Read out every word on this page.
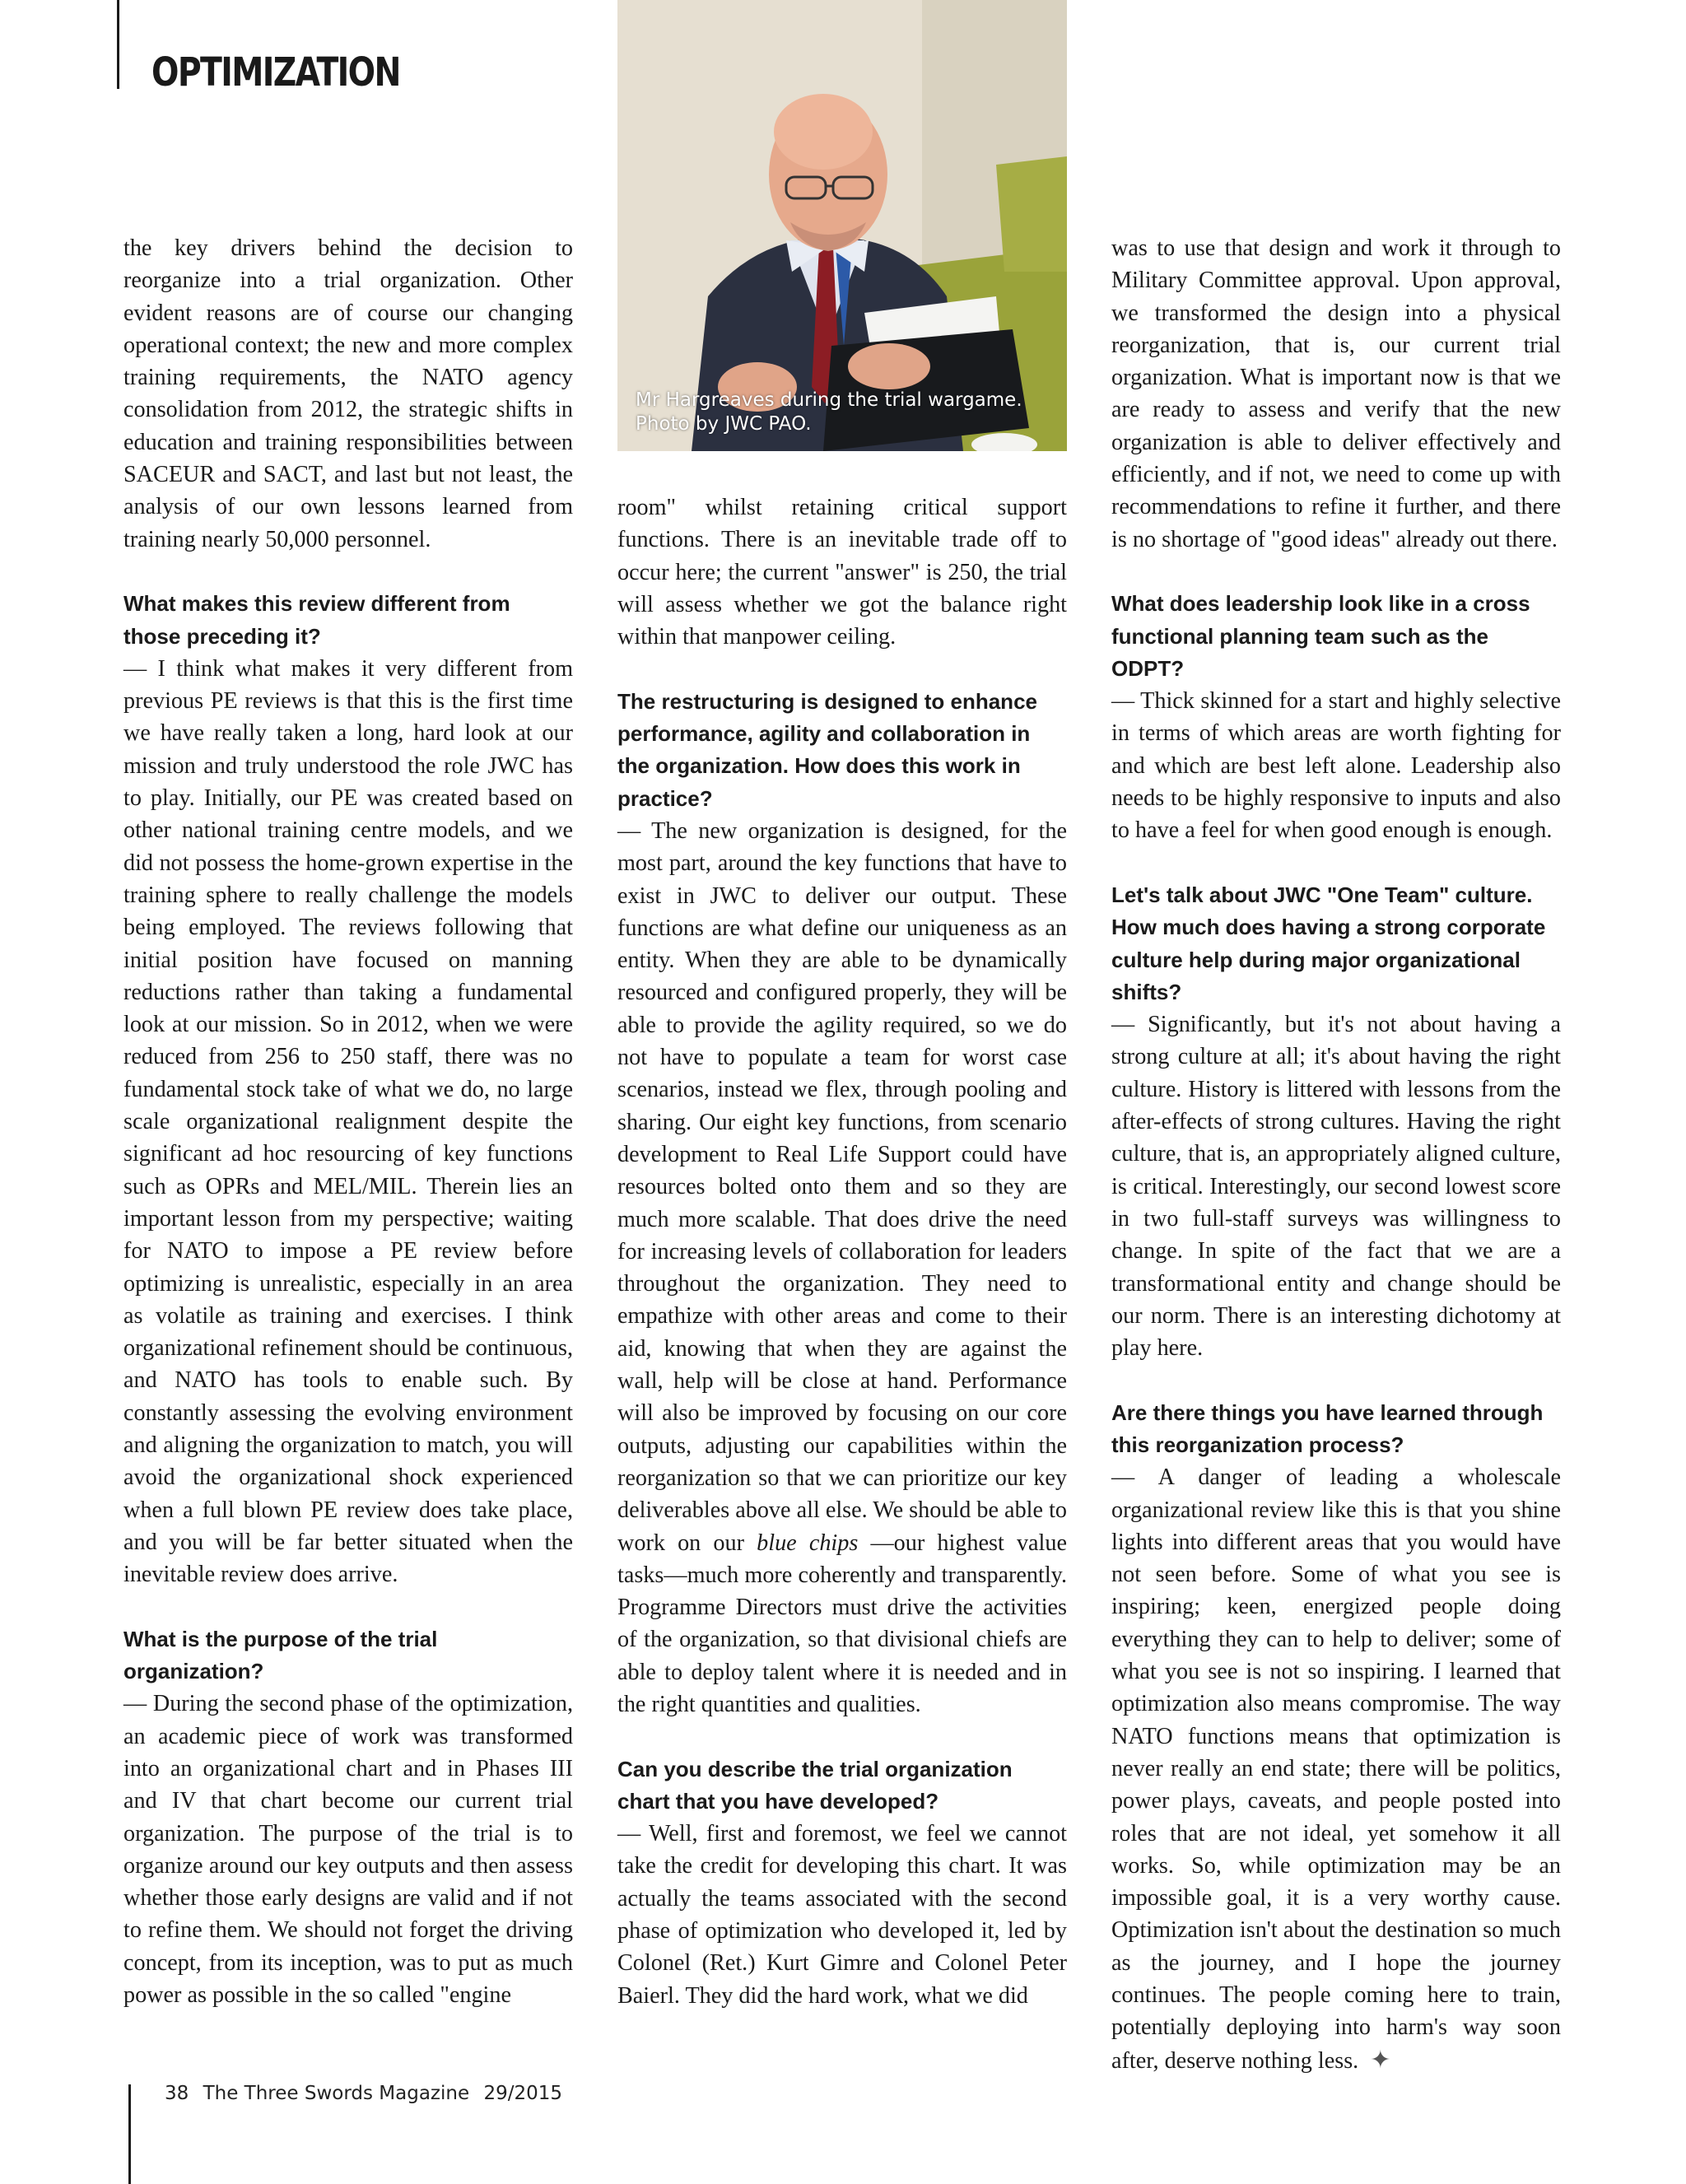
OPTIMIZATION
Mr Hargreaves during the trial wargame.
Photo by JWC PAO.

the key drivers behind the decision to reorganize into a trial organization. Other evident reasons are of course our changing operational context; the new and more complex training requirements, the NATO agency consolidation from 2012, the strategic shifts in education and training responsibilities between SACEUR and SACT, and last but not least, the analysis of our own lessons learned from training nearly 50,000 personnel.

What makes this review different from those preceding it?

— I think what makes it very different from previous PE reviews is that this is the first time we have really taken a long, hard look at our mission and truly understood the role JWC has to play. Initially, our PE was created based on other national training centre models, and we did not possess the home-grown expertise in the training sphere to really challenge the models being employed. The reviews following that initial position have focused on manning reductions rather than taking a fundamental look at our mission. So in 2012, when we were reduced from 256 to 250 staff, there was no fundamental stock take of what we do, no large scale organizational realignment despite the significant ad hoc resourcing of key functions such as OPRs and MEL/MIL. Therein lies an important lesson from my perspective; waiting for NATO to impose a PE review before optimizing is unrealistic, especially in an area as volatile as training and exercises. I think organizational refinement should be continuous, and NATO has tools to enable such. By constantly assessing the evolving environment and aligning the organization to match, you will avoid the organizational shock experienced when a full blown PE review does take place, and you will be far better situated when the inevitable review does arrive.

What is the purpose of the trial organization?

— During the second phase of the optimization, an academic piece of work was transformed into an organizational chart and in Phases III and IV that chart become our current trial organization. The purpose of the trial is to organize around our key outputs and then assess whether those early designs are valid and if not to refine them. We should not forget the driving concept, from its inception, was to put as much power as possible in the so called "engine

room" whilst retaining critical support functions. There is an inevitable trade off to occur here; the current "answer" is 250, the trial will assess whether we got the balance right within that manpower ceiling.

The restructuring is designed to enhance performance, agility and collaboration in the organization. How does this work in practice?

— The new organization is designed, for the most part, around the key functions that have to exist in JWC to deliver our output. These functions are what define our uniqueness as an entity. When they are able to be dynamically resourced and configured properly, they will be able to provide the agility required, so we do not have to populate a team for worst case scenarios, instead we flex, through pooling and sharing. Our eight key functions, from scenario development to Real Life Support could have resources bolted onto them and so they are much more scalable. That does drive the need for increasing levels of collaboration for leaders throughout the organization. They need to empathize with other areas and come to their aid, knowing that when they are against the wall, help will be close at hand. Performance will also be improved by focusing on our core outputs, adjusting our capabilities within the reorganization so that we can prioritize our key deliverables above all else. We should be able to work on our blue chips —our highest value tasks—much more coherently and transparently. Programme Directors must drive the activities of the organization, so that divisional chiefs are able to deploy talent where it is needed and in the right quantities and qualities.

Can you describe the trial organization chart that you have developed?

— Well, first and foremost, we feel we cannot take the credit for developing this chart. It was actually the teams associated with the second phase of optimization who developed it, led by Colonel (Ret.) Kurt Gimre and Colonel Peter Baierl. They did the hard work, what we did

was to use that design and work it through to Military Committee approval. Upon approval, we transformed the design into a physical reorganization, that is, our current trial organization. What is important now is that we are ready to assess and verify that the new organization is able to deliver effectively and efficiently, and if not, we need to come up with recommendations to refine it further, and there is no shortage of "good ideas" already out there.

What does leadership look like in a cross functional planning team such as the ODPT?

— Thick skinned for a start and highly selective in terms of which areas are worth fighting for and which are best left alone. Leadership also needs to be highly responsive to inputs and also to have a feel for when good enough is enough.

Let's talk about JWC "One Team" culture. How much does having a strong corporate culture help during major organizational shifts?

— Significantly, but it's not about having a strong culture at all; it's about having the right culture. History is littered with lessons from the after-effects of strong cultures. Having the right culture, that is, an appropriately aligned culture, is critical. Interestingly, our second lowest score in two full-staff surveys was willingness to change. In spite of the fact that we are a transformational entity and change should be our norm. There is an interesting dichotomy at play here.

Are there things you have learned through this reorganization process?

— A danger of leading a wholescale organizational review like this is that you shine lights into different areas that you would have not seen before. Some of what you see is inspiring; keen, energized people doing everything they can to help to deliver; some of what you see is not so inspiring. I learned that optimization also means compromise. The way NATO functions means that optimization is never really an end state; there will be politics, power plays, caveats, and people posted into roles that are not ideal, yet somehow it all works. So, while optimization may be an impossible goal, it is a very worthy cause. Optimization isn't about the destination so much as the journey, and I hope the journey continues. The people coming here to train, potentially deploying into harm's way soon after, deserve nothing less. ✦

38 The Three Swords Magazine 29/2015
